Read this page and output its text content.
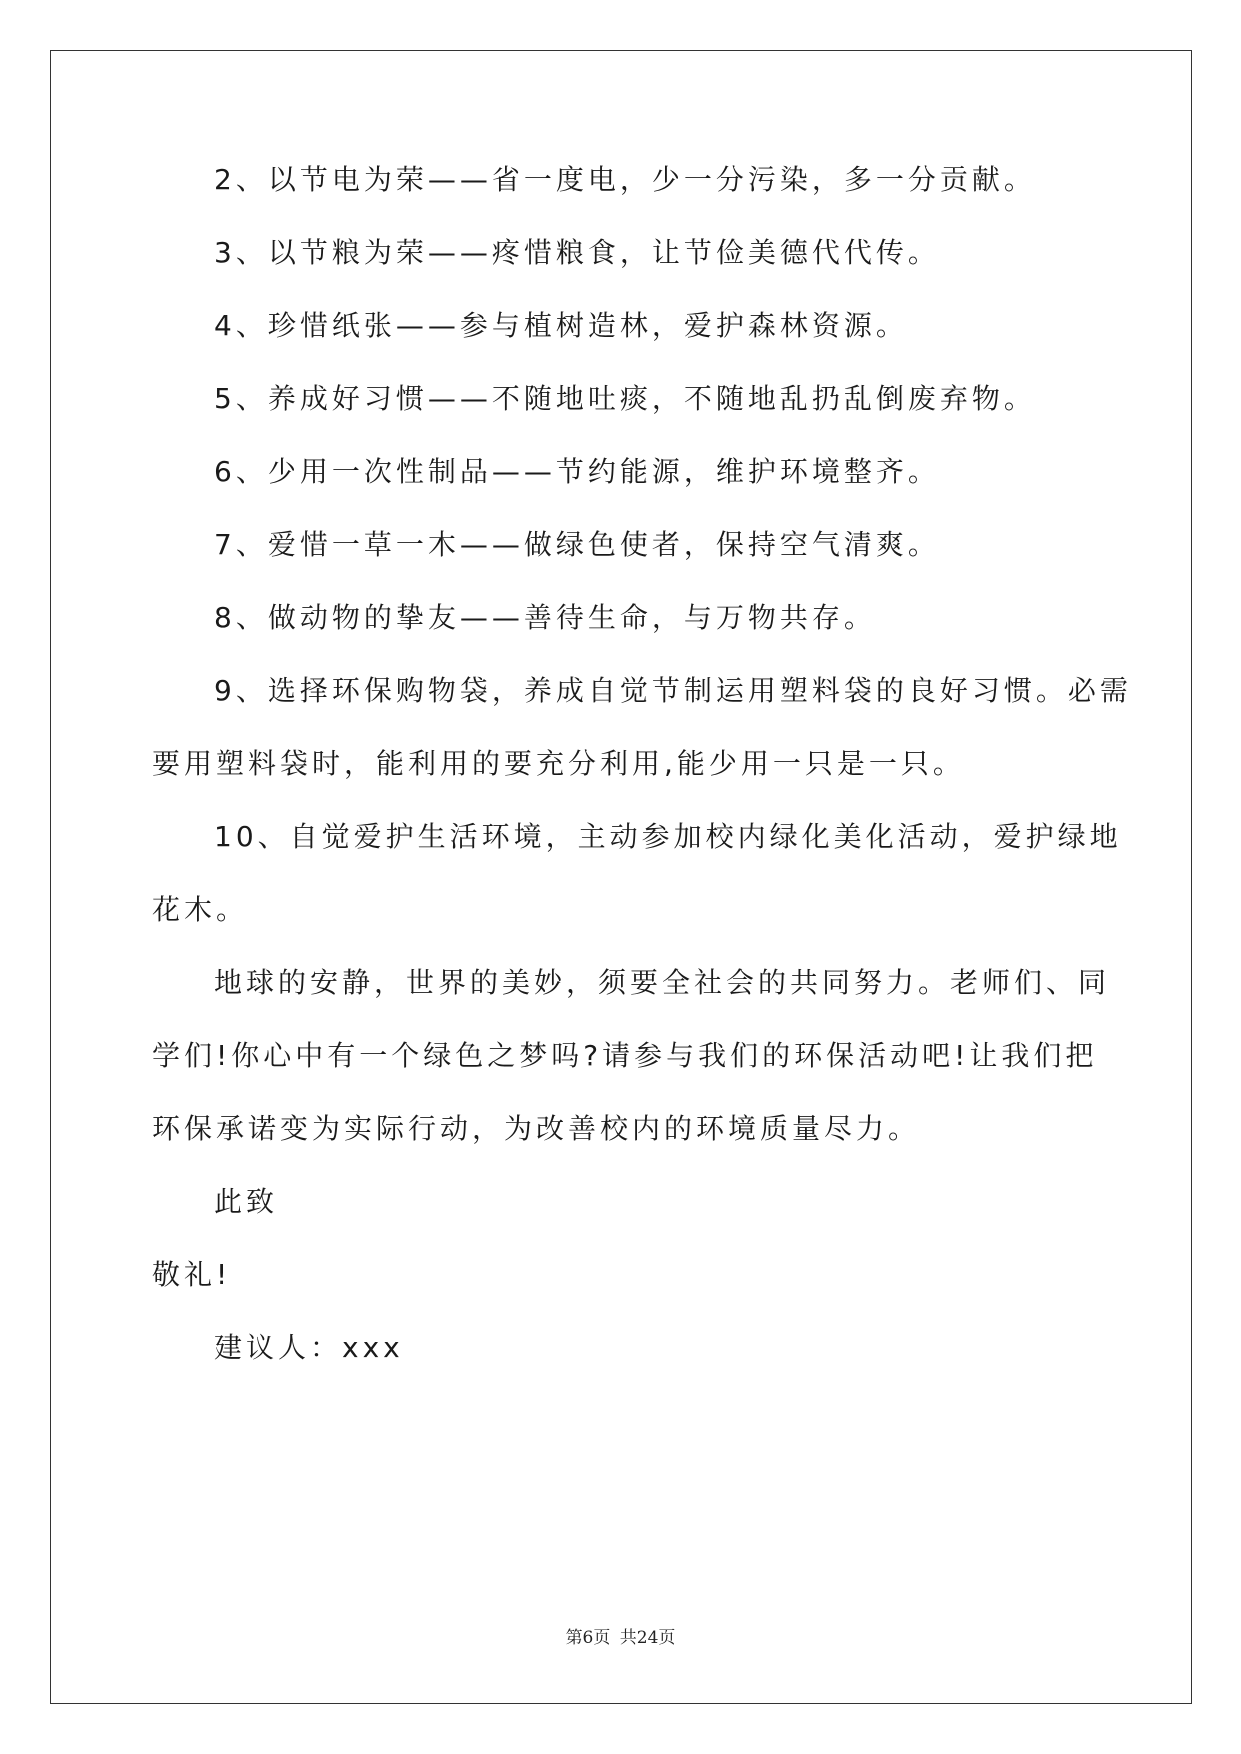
2、以节电为荣——省一度电，少一分污染，多一分贡献。
3、以节粮为荣——疼惜粮食，让节俭美德代代传。
4、珍惜纸张——参与植树造林，爱护森林资源。
5、养成好习惯——不随地吐痰，不随地乱扔乱倒废弃物。
6、少用一次性制品——节约能源，维护环境整齐。
7、爱惜一草一木——做绿色使者，保持空气清爽。
8、做动物的挚友——善待生命，与万物共存。
9、选择环保购物袋，养成自觉节制运用塑料袋的良好习惯。必需
要用塑料袋时，能利用的要充分利用,能少用一只是一只。
10、自觉爱护生活环境，主动参加校内绿化美化活动，爱护绿地
花木。
地球的安静，世界的美妙，须要全社会的共同努力。老师们、同
学们!你心中有一个绿色之梦吗?请参与我们的环保活动吧!让我们把
环保承诺变为实际行动，为改善校内的环境质量尽力。
此致
敬礼!
建议人：xxx
第6页 共24页
